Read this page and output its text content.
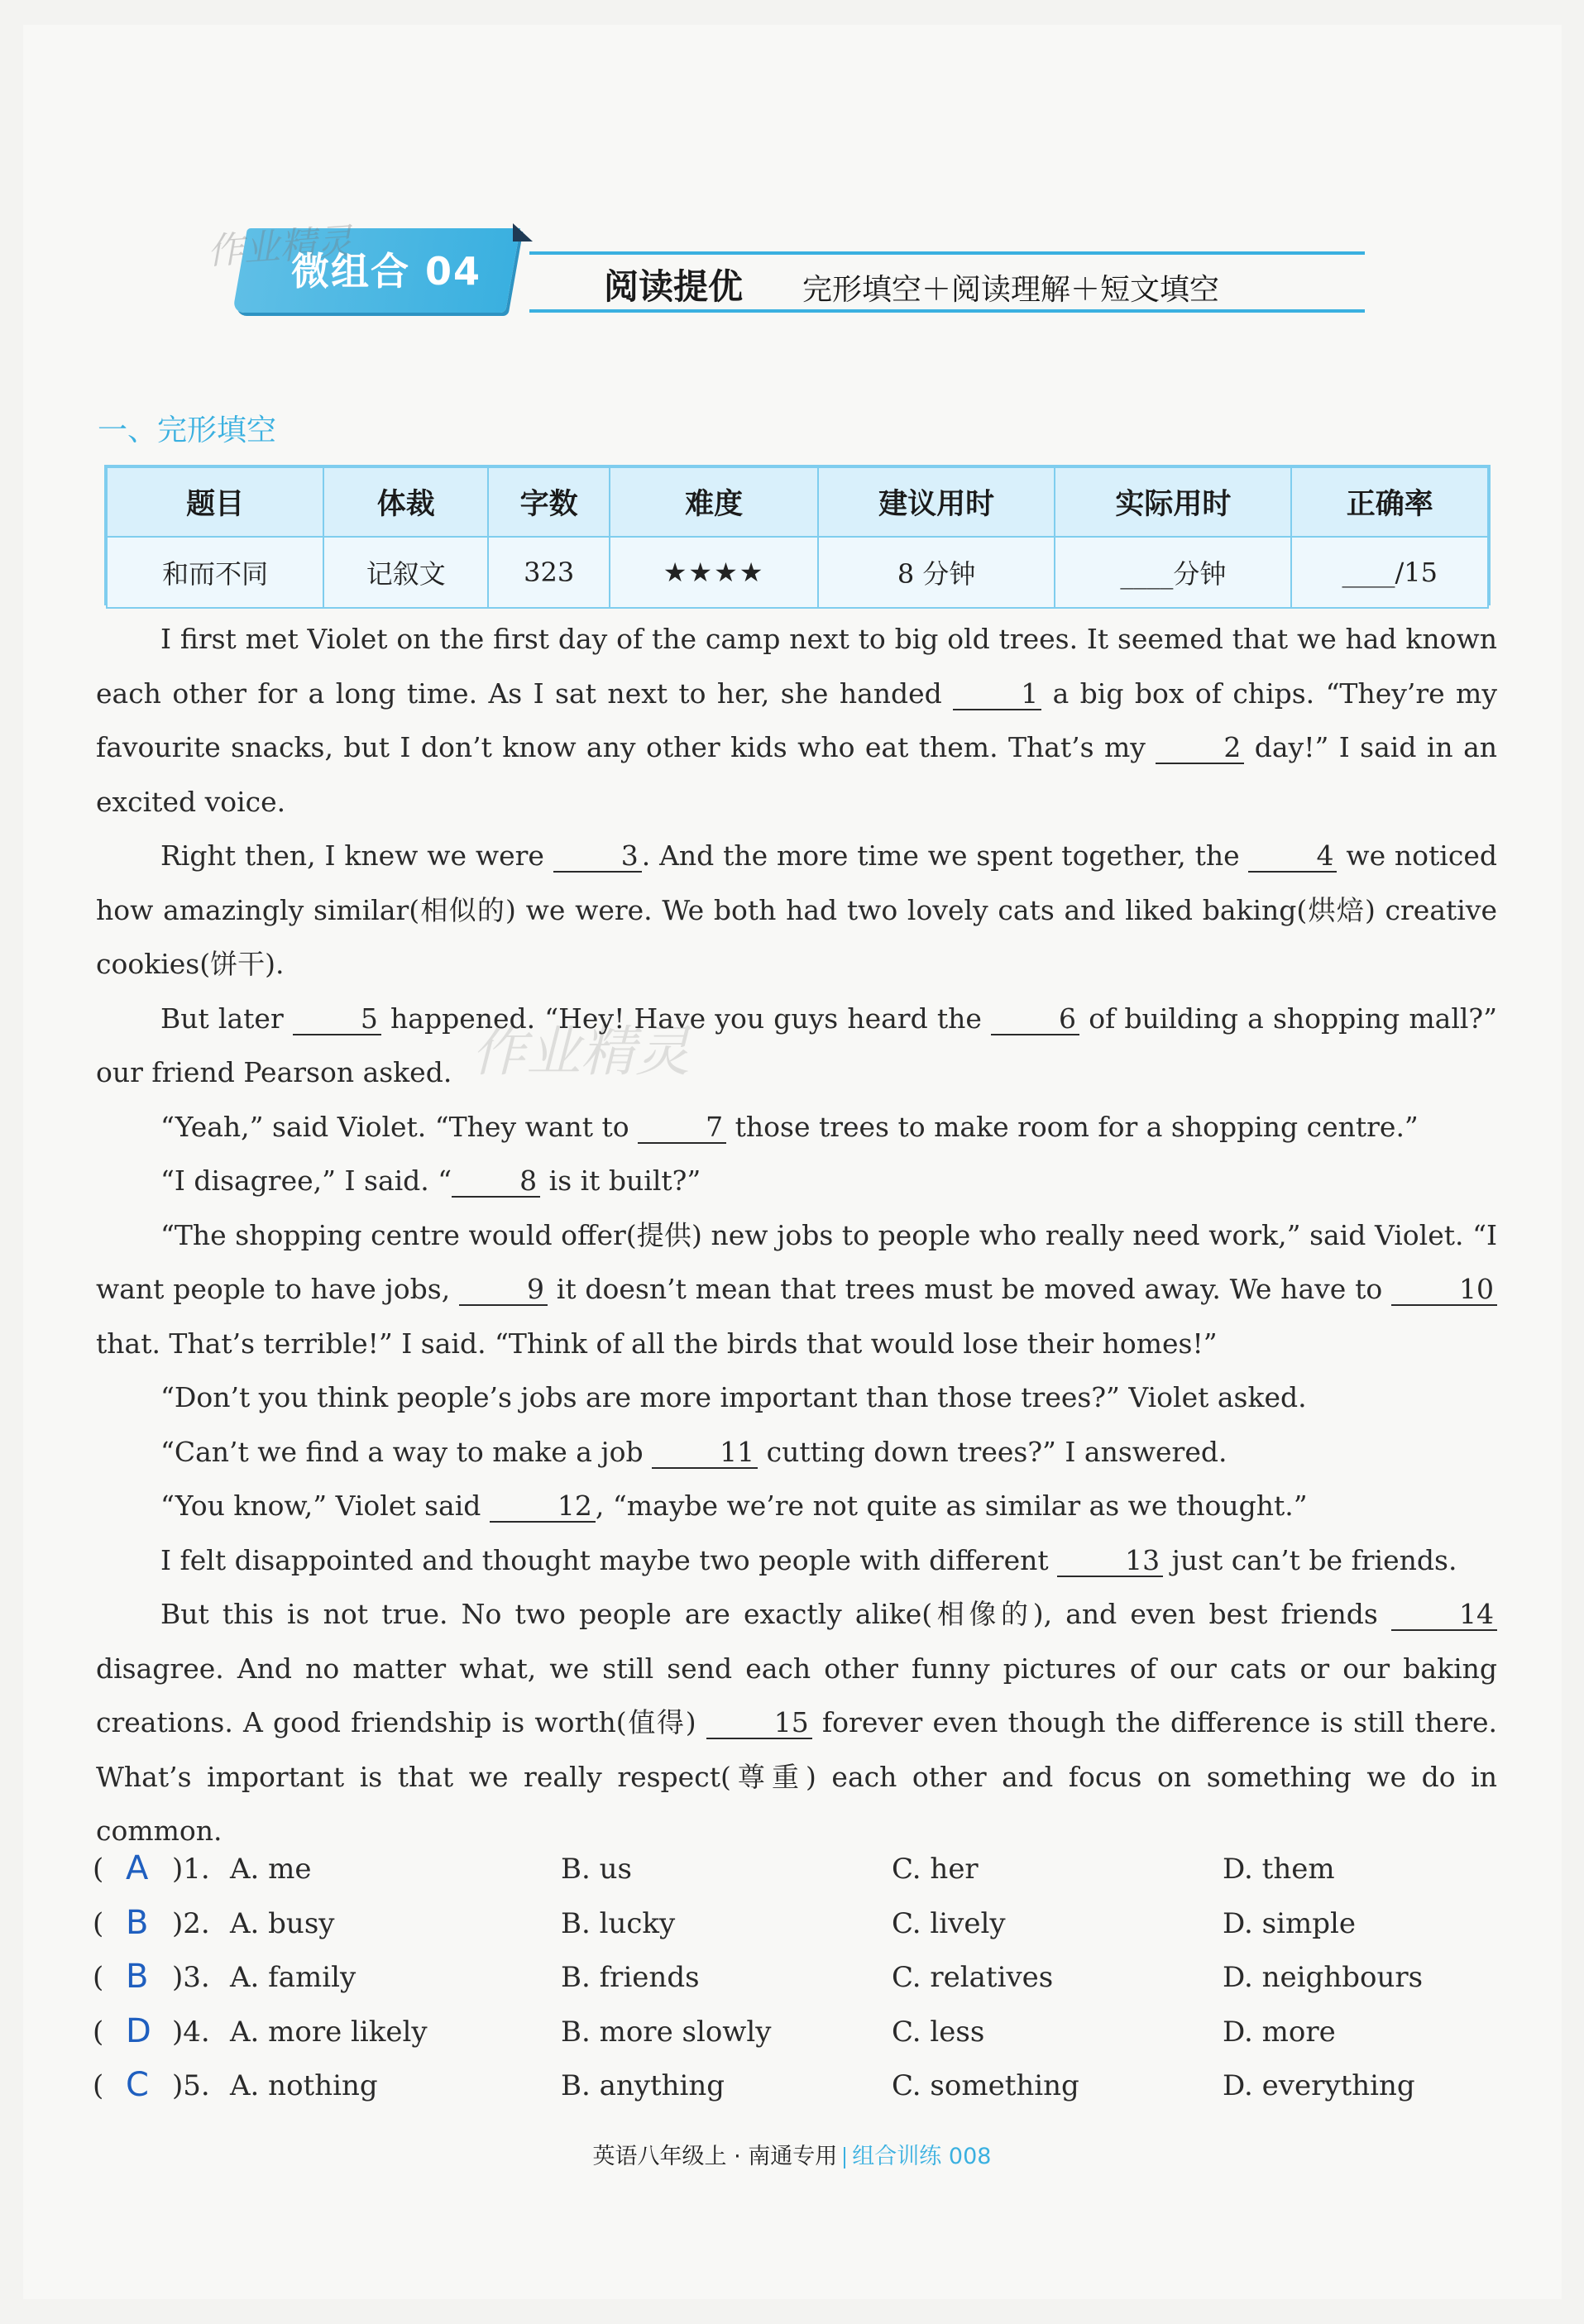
作业精灵
微组合 04	阅读提优 完形填空＋阅读理解＋短文填空
一、完形填空
题目	体裁	字数	难度	建议用时	实际用时	正确率
和而不同	记叙文	323	★★★★	8 分钟	____分钟	____/15
作业精灵

I first met Violet on the first day of the camp next to big old trees. It seemed that we had known each other for a long time. As I sat next to her, she handed 1 a big box of chips. “They’re my favourite snacks, but I don’t know any other kids who eat them. That’s my 2 day!” I said in an excited voice.

Right then, I knew we were 3 . And the more time we spent together, the 4 we noticed how amazingly similar(相似的) we were. We both had two lovely cats and liked baking(烘焙) creative cookies(饼干).

But later 5 happened. “Hey! Have you guys heard the 6 of building a shopping mall?” our friend Pearson asked.

“Yeah,” said Violet. “They want to 7 those trees to make room for a shopping centre.”

“I disagree,” I said. “ 8 is it built?”

“The shopping centre would offer(提供) new jobs to people who really need work,” said Violet. “I want people to have jobs, 9 it doesn’t mean that trees must be moved away. We have to 10 that. That’s terrible!” I said. “Think of all the birds that would lose their homes!”

“Don’t you think people’s jobs are more important than those trees?” Violet asked.

“Can’t we find a way to make a job 11 cutting down trees?” I answered.

“You know,” Violet said 12 , “maybe we’re not quite as similar as we thought.”

I felt disappointed and thought maybe two people with different 13 just can’t be friends.

But this is not true. No two people are exactly alike(相像的), and even best friends 14 disagree. And no matter what, we still send each other funny pictures of our cats or our baking creations. A good friendship is worth(值得) 15 forever even though the difference is still there. What’s important is that we really respect(尊重) each other and focus on something we do in common.

( A )1. A. me	B. us	C. her	D. them
( B )2. A. busy	B. lucky	C. lively	D. simple
( B )3. A. family	B. friends	C. relatives	D. neighbours
( D )4. A. more likely	B. more slowly	C. less	D. more
( C )5. A. nothing	B. anything	C. something	D. everything
英语八年级上 · 南通专用 组合训练 008
